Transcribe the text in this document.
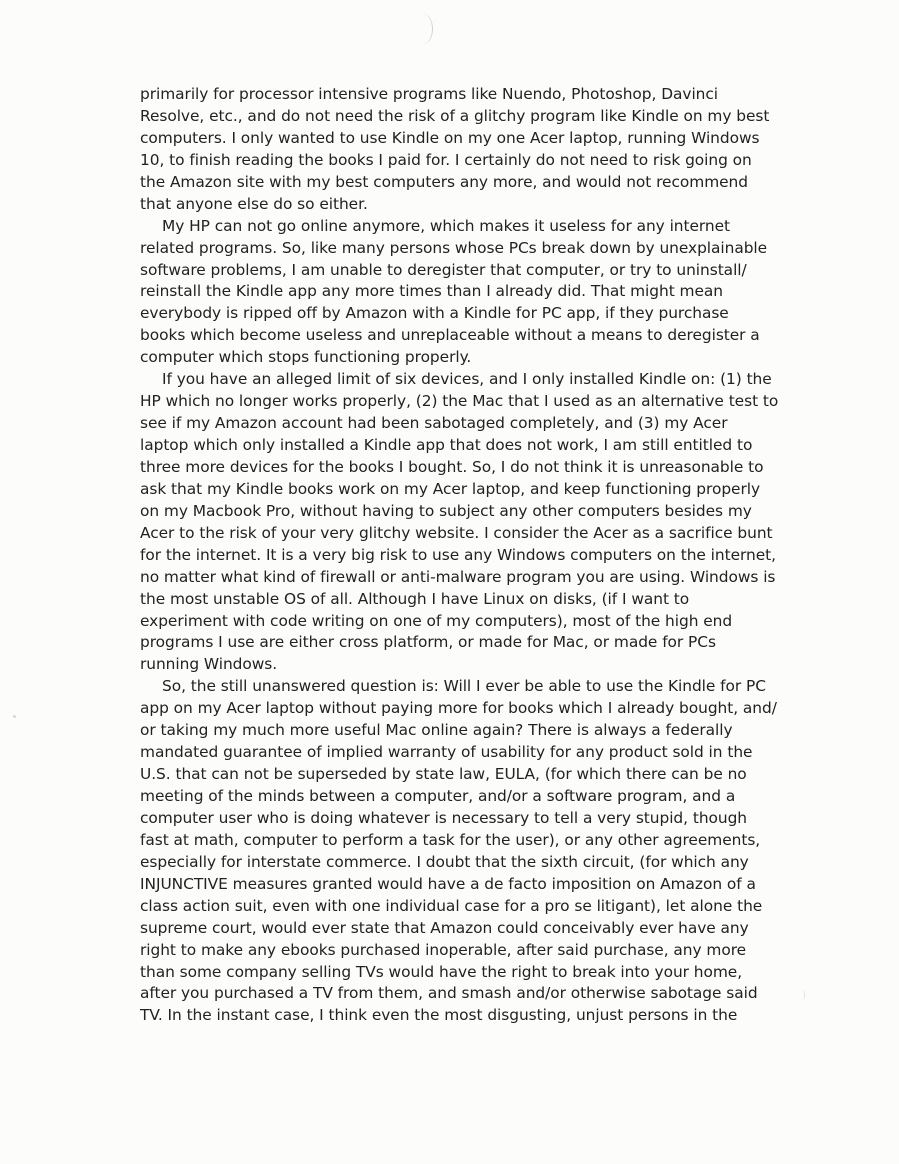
primarily for processor intensive programs like Nuendo, Photoshop, Davinci
Resolve, etc., and do not need the risk of a glitchy program like Kindle on my best
computers. I only wanted to use Kindle on my one Acer laptop, running Windows
10, to finish reading the books I paid for. I certainly do not need to risk going on
the Amazon site with my best computers any more, and would not recommend
that anyone else do so either.
My HP can not go online anymore, which makes it useless for any internet
related programs. So, like many persons whose PCs break down by unexplainable
software problems, I am unable to deregister that computer, or try to uninstall/
reinstall the Kindle app any more times than I already did. That might mean
everybody is ripped off by Amazon with a Kindle for PC app, if they purchase
books which become useless and unreplaceable without a means to deregister a
computer which stops functioning properly.
If you have an alleged limit of six devices, and I only installed Kindle on: (1) the
HP which no longer works properly, (2) the Mac that I used as an alternative test to
see if my Amazon account had been sabotaged completely, and (3) my Acer
laptop which only installed a Kindle app that does not work, I am still entitled to
three more devices for the books I bought. So, I do not think it is unreasonable to
ask that my Kindle books work on my Acer laptop, and keep functioning properly
on my Macbook Pro, without having to subject any other computers besides my
Acer to the risk of your very glitchy website. I consider the Acer as a sacrifice bunt
for the internet. It is a very big risk to use any Windows computers on the internet,
no matter what kind of firewall or anti-malware program you are using. Windows is
the most unstable OS of all. Although I have Linux on disks, (if I want to
experiment with code writing on one of my computers), most of the high end
programs I use are either cross platform, or made for Mac, or made for PCs
running Windows.
So, the still unanswered question is: Will I ever be able to use the Kindle for PC
app on my Acer laptop without paying more for books which I already bought, and/
or taking my much more useful Mac online again? There is always a federally
mandated guarantee of implied warranty of usability for any product sold in the
U.S. that can not be superseded by state law, EULA, (for which there can be no
meeting of the minds between a computer, and/or a software program, and a
computer user who is doing whatever is necessary to tell a very stupid, though
fast at math, computer to perform a task for the user), or any other agreements,
especially for interstate commerce. I doubt that the sixth circuit, (for which any
INJUNCTIVE measures granted would have a de facto imposition on Amazon of a
class action suit, even with one individual case for a pro se litigant), let alone the
supreme court, would ever state that Amazon could conceivably ever have any
right to make any ebooks purchased inoperable, after said purchase, any more
than some company selling TVs would have the right to break into your home,
after you purchased a TV from them, and smash and/or otherwise sabotage said
TV. In the instant case, I think even the most disgusting, unjust persons in the
